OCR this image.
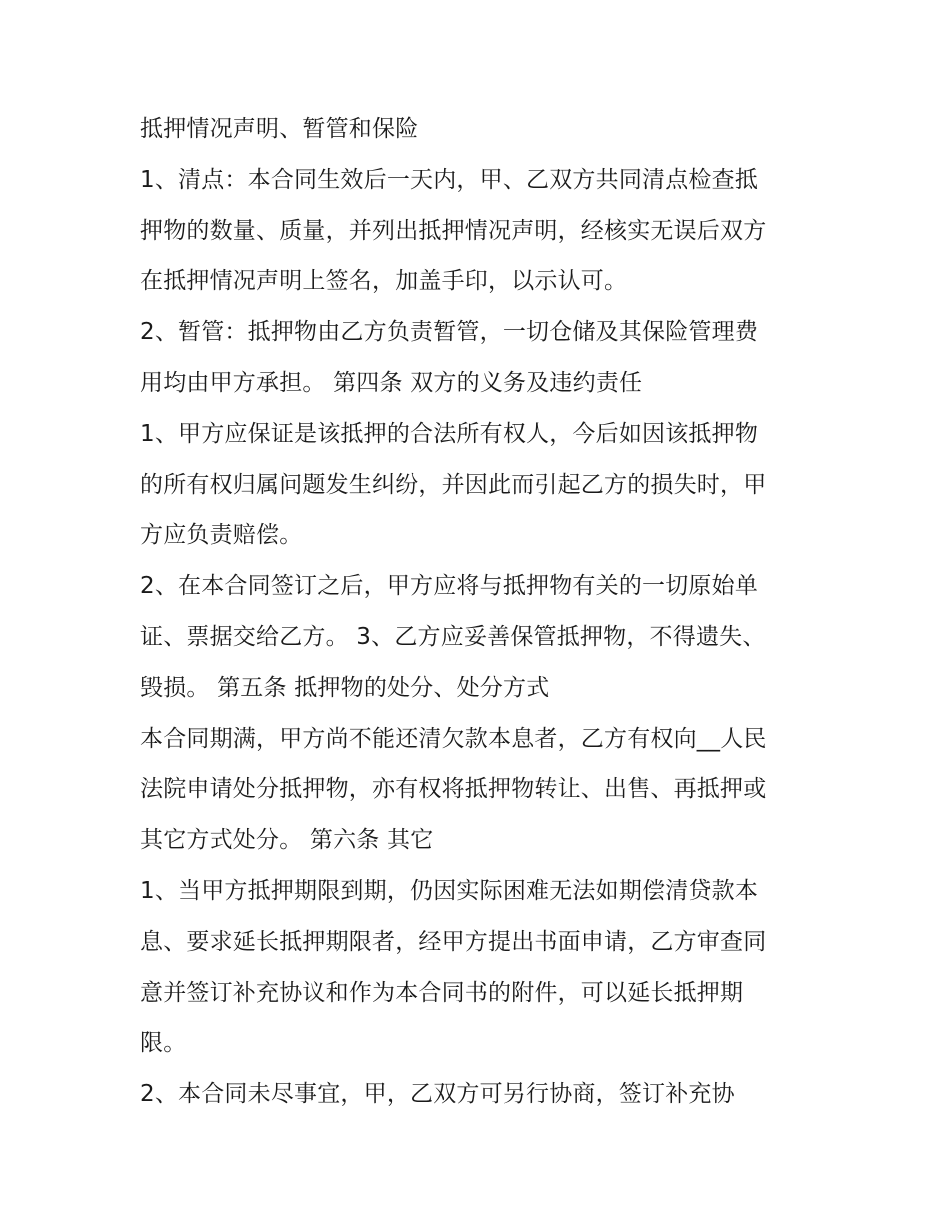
抵押情况声明、暂管和保险
1、清点：本合同生效后一天内，甲、乙双方共同清点检查抵
押物的数量、质量，并列出抵押情况声明，经核实无误后双方
在抵押情况声明上签名，加盖手印，以示认可。
2、暂管：抵押物由乙方负责暂管，一切仓储及其保险管理费
用均由甲方承担。 第四条 双方的义务及违约责任
1、甲方应保证是该抵押的合法所有权人，今后如因该抵押物
的所有权归属问题发生纠纷，并因此而引起乙方的损失时，甲
方应负责赔偿。
2、在本合同签订之后，甲方应将与抵押物有关的一切原始单
证、票据交给乙方。 3、乙方应妥善保管抵押物，不得遗失、
毁损。 第五条 抵押物的处分、处分方式
本合同期满，甲方尚不能还清欠款本息者，乙方有权向__人民
法院申请处分抵押物，亦有权将抵押物转让、出售、再抵押或
其它方式处分。 第六条 其它
1、当甲方抵押期限到期，仍因实际困难无法如期偿清贷款本
息、要求延长抵押期限者，经甲方提出书面申请，乙方审查同
意并签订补充协议和作为本合同书的附件，可以延长抵押期
限。
2、本合同未尽事宜，甲，乙双方可另行协商，签订补充协
